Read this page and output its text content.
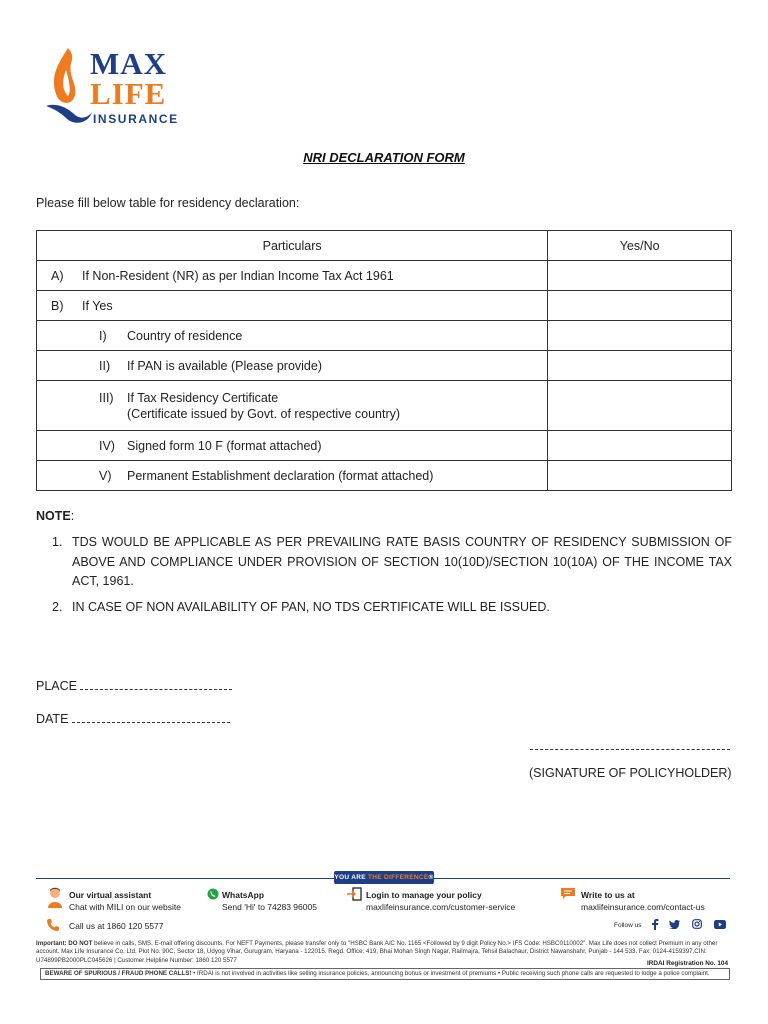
MAX
LIFE
INSURANCE
NRI DECLARATION FORM
Please fill below table for residency declaration:
Particulars	Yes/No
A) If Non-Resident (NR) as per Indian Income Tax Act 1961	
B) If Yes	
I) Country of residence	
II) If PAN is available (Please provide)	

III) If Tax Residency Certificate
(Certificate issued by Govt. of respective country)	

IV) Signed form 10 F (format attached)	
V) Permanent Establishment declaration (format attached)	
NOTE:
1. TDS WOULD BE APPLICABLE AS PER PREVAILING RATE BASIS COUNTRY OF RESIDENCY SUBMISSION OF ABOVE AND COMPLIANCE UNDER PROVISION OF SECTION 10(10D)/SECTION 10(10A) OF THE INCOME TAX ACT, 1961.
2. IN CASE OF NON AVAILABILITY OF PAN, NO TDS CERTIFICATE WILL BE ISSUED.
PLACE
DATE
(SIGNATURE OF POLICYHOLDER)
YOU ARE THE DIFFERENCE®
Our virtual assistant
Chat with MILI on our website
Call us at 1860 120 5577
WhatsApp
Send 'Hi' to 74283 96005
Login to manage your policy
maxlifeinsurance.com/customer-service
Write to us at
maxlifeinsurance.com/contact-us
Follow us
Important: DO NOT believe in calls, SMS, E-mail offering discounts. For NEFT Payments, please transfer only to "HSBC Bank A/C No. 1165 <Followed by 9 digit Policy No.> IFS Code: HSBC0110002". Max Life does not collect Premium in any other account. Max Life Insurance Co. Ltd. Plot No. 90C, Sector 18, Udyog Vihar, Gurugram, Haryana - 122015. Regd. Office: 419, Bhai Mohan Singh Nagar, Railmajra, Tehsil Balachaur, District Nawanshahr, Punjab - 144 533. Fax: 0124-4159397,CIN: U74899PB2000PLC045626 | Customer Helpline Number: 1860 120 5577	IRDAI Registration No. 104
BEWARE OF SPURIOUS / FRAUD PHONE CALLS! • IRDAI is not involved in activities like selling insurance policies, announcing bonus or investment of premiums • Public receiving such phone calls are requested to lodge a police complaint.
